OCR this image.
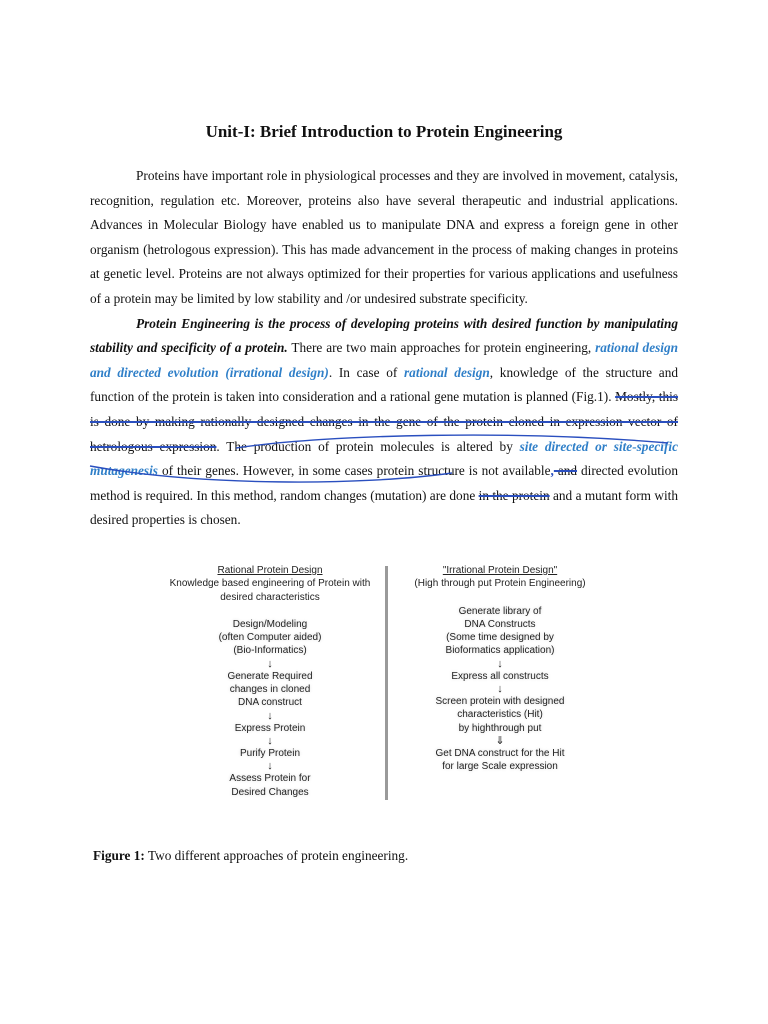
Unit-I: Brief Introduction to Protein Engineering

Proteins have important role in physiological processes and they are involved in movement, catalysis, recognition, regulation etc. Moreover, proteins also have several therapeutic and industrial applications. Advances in Molecular Biology have enabled us to manipulate DNA and express a foreign gene in other organism (hetrologous expression). This has made advancement in the process of making changes in proteins at genetic level. Proteins are not always optimized for their properties for various applications and usefulness of a protein may be limited by low stability and /or undesired substrate specificity.

Protein Engineering is the process of developing proteins with desired function by manipulating stability and specificity of a protein. There are two main approaches for protein engineering, rational design and directed evolution (irrational design). In case of rational design, knowledge of the structure and function of the protein is taken into consideration and a rational gene mutation is planned (Fig.1). Mostly, this is done by making rationally designed changes in the gene of the protein cloned in expression vector of hetrologous expression. The production of protein molecules is altered by site directed or site-specific mutagenesis of their genes. However, in some cases protein structure is not available, and directed evolution method is required. In this method, random changes (mutation) are done in the protein and a mutant form with desired properties is chosen.

Rational Protein Design
Knowledge based engineering of Protein with
desired characteristics
Design/Modeling
(often Computer aided)
(Bio-Informatics)
↓
Generate Required
changes in cloned
DNA construct
↓
Express Protein
↓
Purify Protein
↓
Assess Protein for
Desired Changes
"Irrational Protein Design"
(High through put Protein Engineering)
Generate library of
DNA Constructs
(Some time designed by
Bioformatics application)
↓
Express all constructs
↓
Screen protein with designed
characteristics (Hit)
by highthrough put
⇓
Get DNA construct for the Hit
for large Scale expression
Figure 1: Two different approaches of protein engineering.
